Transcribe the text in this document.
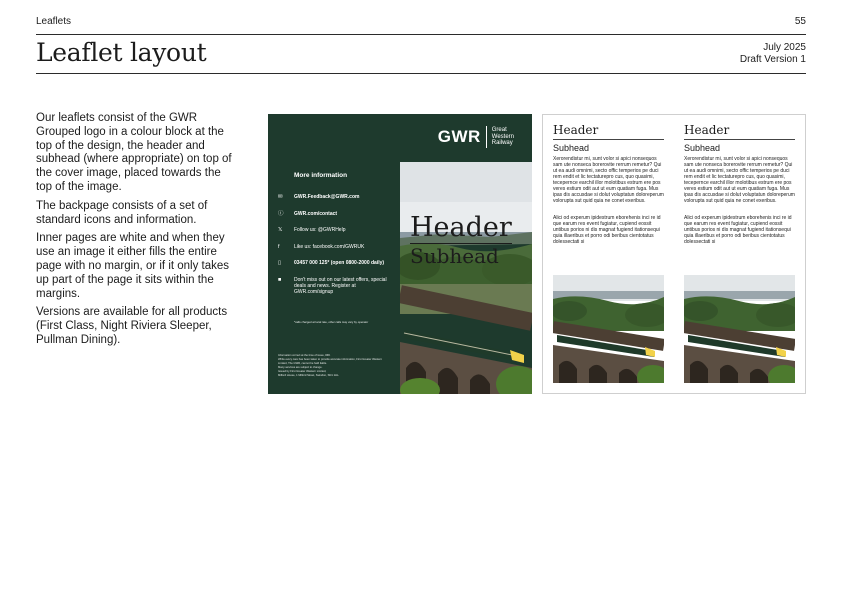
Leaflets	55
Leaflet layout	July 2025
Draft Version 1

Our leaflets consist of the GWR Grouped logo in a colour block at the top of the design, the header and subhead (where appropriate) on top of the cover image, placed towards the top of the image.

The backpage consists of a set of standard icons and information.

Inner pages are white and when they use an image it either fills the entire page with no margin, or if it only takes up part of the page it sits within the margins.

Versions are available for all products (First Class, Night Riviera Sleeper, Pullman Dining).

GWR	Great
Western
Railway
More information
✉	GWR.Feedback@GWR.com
ⓘ	GWR.com/contact
𝕏	Follow us: @GWRHelp
f	Like us: facebook.com/GWRUK
▯	03457 000 125* (open 0800-2000 daily)
■	Don't miss out on our latest offers, special deals and news. Register at GWR.com/signup
*calls charged at local rate, other calls may vary by operator
Information correct at the time of issue, ###.
While every care has been taken to provide accurate information, First Greater Western Limited, The GWR, cannot be held liable.
Many services are subject to change.
Issued by First Greater Western Limited,
Milford House, 1 Milford Street, Swindon, SN1 1HL.
Header
Subhead
Header
Subhead
Xerorendistur mi, sunt volor si apici nonsequos sam ute nonseca borerovite rerrum remetur? Qui ut ea audi omnimi, secto offic temperios pe duci rem endit et lic tectaturepro cus, quo quasimi, tecepernce earchil illor molotibus estrum ere pos veres estium odit aut ut eum quatiam fuga. Mus ipas dis accusdae si dolut voluptatun doloreperum volorupta sut quid quia ne conet exeribus.
Alici od experum ipidestrum eborehenis inci re id que earum res event fugiatur, cupiend eossit untibus porios ni dis magnat fugiend itationsequi quia illaeribus et porro odi beribus cientotatus dolessectati si
Header
Subhead
Xerorendistur mi, sunt volor si apici nonsequos sam ute nonseca borerovite rerrum remetur? Qui ut ea audi omnimi, secto offic temperios pe duci rem endit et lic tectaturepro cus, quo quasimi, tecepernce earchil illor molotibus estrum ere pos veres estium odit aut ut eum quatiam fuga. Mus ipas dis accusdae si dolut voluptatun doloreperum volorupta sut quid quia ne conet exeribus.
Alici od experum ipidestrum eborehenis inci re id que earum res event fugiatur, cupiend eossit untibus porios ni dis magnat fugiend itationsequi quia illaeribus et porro odi beribus cientotatus dolessectati si
